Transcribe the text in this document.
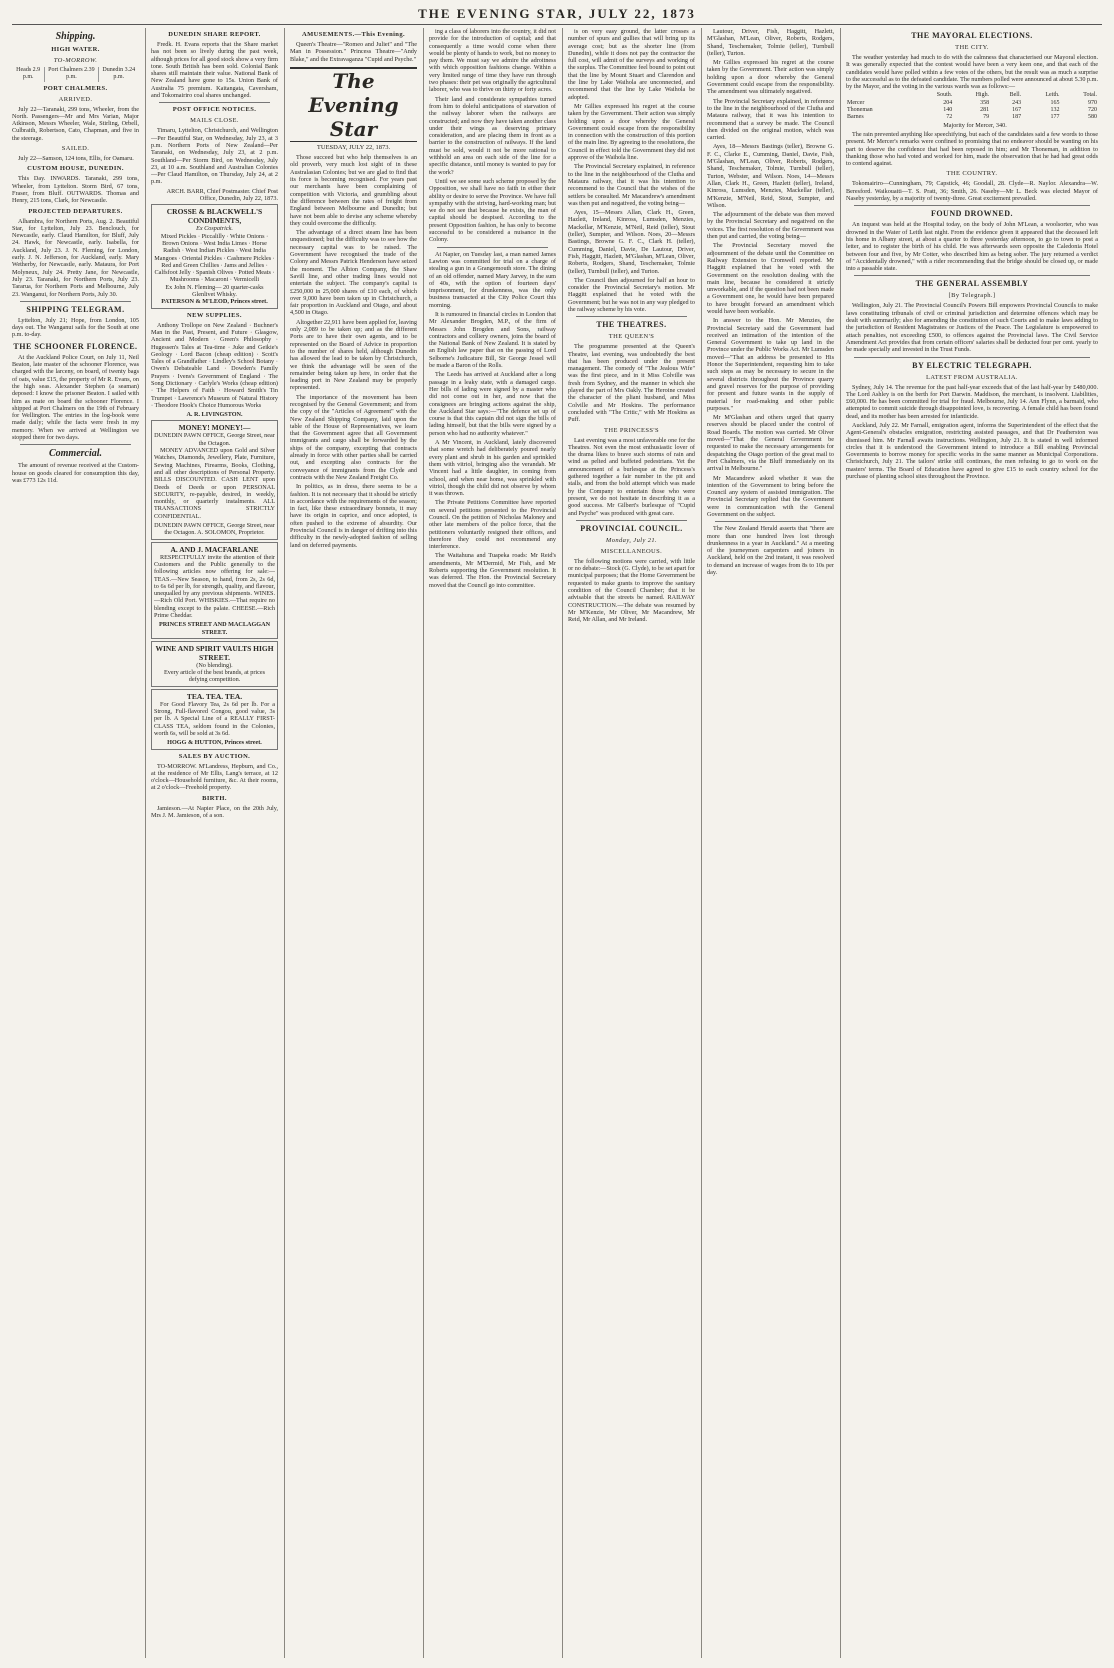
THE EVENING STAR, JULY 22, 1873
Shipping.
HIGH WATER.
TO-MORROW.
Heads 2.9 p.m.	Port Chalmers 2.39 p.m.	Dunedin 3.24 p.m.
PORT CHALMERS.
ARRIVED.

July 22—Taranaki, 299 tons, Wheeler, from the North. Passengers—Mr and Mrs Varian, Major Atkinson, Messrs Wheeler, Wale, Stirling, Orbell, Culbraith, Robertson, Cato, Chapman, and five in the steerage.

SAILED.

July 22—Samson, 124 tons, Ellis, for Oamaru.

CUSTOM HOUSE, DUNEDIN.

This Day. INWARDS. Taranaki, 299 tons, Wheeler, from Lyttelton. Storm Bird, 67 tons, Fraser, from Bluff. OUTWARDS. Thomas and Henry, 215 tons, Clark, for Newcastle.

PROJECTED DEPARTURES.

Alhambra, for Northern Ports, Aug. 2. Beautiful Star, for Lyttelton, July 23. Benclouch, for Newcastle, early. Claud Hamilton, for Bluff, July 24. Hawk, for Newcastle, early. Isabella, for Auckland, July 23. J. N. Fleming, for London, early. J. N. Jefferson, for Auckland, early. Mary Wetherby, for Newcastle, early. Mataura, for Port Molyneux, July 24. Pretty Jane, for Newcastle, July 23. Taranaki, for Northern Ports, July 23. Tararua, for Northern Ports and Melbourne, July 23. Wanganui, for Northern Ports, July 30.

SHIPPING TELEGRAM.

Lyttelton, July 21; Hope, from London, 105 days out. The Wanganui sails for the South at one p.m. to-day.

THE SCHOONER FLORENCE.

At the Auckland Police Court, on July 11, Neil Beaton, late master of the schooner Florence, was charged with the larceny, on board, of twenty bags of oats, value £15, the property of Mr R. Evans, on the high seas. Alexander Stephen (a seaman) deposed: I know the prisoner Beaton. I sailed with him as mate on board the schooner Florence. I shipped at Port Chalmers on the 19th of February for Wellington. The entries in the log-book were made daily; while the facts were fresh in my memory. When we arrived at Wellington we stopped there for two days.

Commercial.

The amount of revenue received at the Custom-house on goods cleared for consumption this day, was £773 12s 11d.

DUNEDIN SHARE REPORT.

Fredk. H. Evans reports that the Share market has not been so lively during the past week, although prices for all good stock show a very firm tone. South British has been sold. Colonial Bank shares still maintain their value. National Bank of New Zealand have gone to 15s. Union Bank of Australia 75 premium. Kaitangata, Caversham, and Tokomairiro coal shares unchanged.

POST OFFICE NOTICES.
MAILS CLOSE.

Timaru, Lyttelton, Christchurch, and Wellington—Per Beautiful Star, on Wednesday, July 23, at 3 p.m. Northern Ports of New Zealand—Per Taranaki, on Wednesday, July 23, at 2 p.m. Southland—Per Storm Bird, on Wednesday, July 23, at 10 a.m. Southland and Australian Colonies—Per Claud Hamilton, on Thursday, July 24, at 2 p.m.

ARCH. BARR, Chief Postmaster. Chief Post Office, Dunedin, July 22, 1873.

CROSSE & BLACKWELL'S CONDIMENTS,
Ex Cospatrick.
Mixed Pickles · Piccalilly · White Onions · Brown Onions · West India Limes · Horse Radish · West Indian Pickles · West India Mangoes · Oriental Pickles · Cashmere Pickles · Red and Green Chillies · Jams and Jellies · Calfsfoot Jelly · Spanish Olives · Potted Meats · Mushrooms · Macaroni · Vermicelli
Ex John N. Fleming— 20 quarter-casks Glenlivet Whisky.
PATERSON & M'LEOD, Princes street.
NEW SUPPLIES.

Anthony Trollope on New Zealand · Buchner's Man in the Past, Present, and Future · Glasgow, Ancient and Modern · Green's Philosophy · Hugessen's Tales at Tea-time · Juke and Geikie's Geology · Lord Bacon (cheap edition) · Scott's Tales of a Grandfather · Lindley's School Botany · Owen's Debateable Land · Dowden's Family Prayers · Ivens's Government of England · The Song Dictionary · Carlyle's Works (cheap edition) · The Helpers of Faith · Howard Smith's Tin Trumpet · Lawrence's Museum of Natural History · Theodore Hook's Choice Humorous Works

A. R. LIVINGSTON.
MONEY! MONEY!—
DUNEDIN PAWN OFFICE, George Street, near the Octagon.

MONEY ADVANCED upon Gold and Silver Watches, Diamonds, Jewellery, Plate, Furniture, Sewing Machines, Firearms, Books, Clothing, and all other descriptions of Personal Property. BILLS DISCOUNTED. CASH LENT upon Deeds of Deeds or upon PERSONAL SECURITY, re-payable, desired, in weekly, monthly, or quarterly instalments. ALL TRANSACTIONS STRICTLY CONFIDENTIAL.

DUNEDIN PAWN OFFICE, George Street, near the Octagon. A. SOLOMON, Proprietor.
A. AND J. MACFARLANE

RESPECTFULLY invite the attention of their Customers and the Public generally to the following articles now offering for sale:— TEAS.—New Season, to hand, from 2s, 2s 6d, to 6s 6d per lb, for strength, quality, and flavour, unequalled by any previous shipments. WINES.—Rich Old Port. WHISKIES.—That require no blending except to the palate. CHEESE.—Rich Prime Cheddar.

PRINCES STREET AND MACLAGGAN STREET.
WINE AND SPIRIT VAULTS HIGH STREET.
(No blending).
Every article of the best brands, at prices defying competition.
TEA. TEA. TEA.

For Good Flavory Tea, 2s 6d per lb. For a Strong, Full-flavored Congou, good value, 3s per lb. A Special Line of a REALLY FIRST-CLASS TEA, seldom found in the Colonies, worth 6s, will be sold at 3s 6d.

HOGG & HUTTON, Princes street.
SALES BY AUCTION.

TO-MORROW. M'Landress, Hepburn, and Co., at the residence of Mr Ellis, Lang's terrace, at 12 o'clock—Household furniture, &c. At their rooms, at 2 o'clock—Freehold property.

BIRTH.

Jamieson.—At Napier Place, on the 20th July, Mrs J. M. Jamieson, of a son.

AMUSEMENTS.—This Evening.

Queen's Theatre—"Romeo and Juliet" and "The Man in Possession." Princess Theatre—"Andy Blake," and the Extravaganza "Cupid and Psyche."

The Evening Star
TUESDAY, JULY 22, 1873.

Those succeed but who help themselves is an old proverb, very much lost sight of in these Australasian Colonies; but we are glad to find that its force is becoming recognised. For years past our merchants have been complaining of competition with Victoria, and grumbling about the difference between the rates of freight from England between Melbourne and Dunedin; but have not been able to devise any scheme whereby they could overcome the difficulty.

The advantage of a direct steam line has been unquestioned; but the difficulty was to see how the necessary capital was to be raised. The Government have recognised the trade of the Colony and Messrs Patrick Henderson have seized the moment. The Albion Company, the Shaw Savill line, and other trading lines would not entertain the subject. The company's capital is £250,000 in 25,000 shares of £10 each, of which over 9,000 have been taken up in Christchurch, a fair proportion in Auckland and Otago, and about 4,500 in Otago.

Altogether 22,911 have been applied for, leaving only 2,089 to be taken up; and as the different Ports are to have their own agents, and to be represented on the Board of Advice in proportion to the number of shares held, although Dunedin has allowed the lead to be taken by Christchurch, we think the advantage will be seen of the remainder being taken up here, in order that the leading port in New Zealand may be properly represented.

The importance of the movement has been recognised by the General Government; and from the copy of the "Articles of Agreement" with the New Zealand Shipping Company, laid upon the table of the House of Representatives, we learn that the Government agree that all Government immigrants and cargo shall be forwarded by the ships of the company, excepting that contracts already in force with other parties shall be carried out, and excepting also contracts for the conveyance of immigrants from the Clyde and contracts with the New Zealand Freight Co.

In politics, as in dress, there seems to be a fashion. It is not necessary that it should be strictly in accordance with the requirements of the season; in fact, like these extraordinary bonnets, it may have its origin in caprice, and once adopted, is often pushed to the extreme of absurdity. Our Provincial Council is in danger of drifting into this difficulty in the newly-adopted fashion of selling land on deferred payments.

ing a class of laborers into the country, it did not provide for the introduction of capital; and that consequently a time would come when there would be plenty of hands to work, but no money to pay them. We must say we admire the adroitness with which opposition fashions change. Within a very limited range of time they have run through two phases: their pet was originally the agricultural laborer, who was to thrive on thirty or forty acres.

Their land and considerate sympathies turned from him to doleful anticipations of starvation of the railway laborer when the railways are constructed; and now they have taken another class under their wings as deserving primary consideration, and are placing them in front as a barrier to the construction of railways. If the land must be sold, would it not be more rational to withhold an area on each side of the line for a specific distance, until money is wanted to pay for the work?

Until we see some such scheme proposed by the Opposition, we shall have no faith in either their ability or desire to serve the Province. We have full sympathy with the striving, hard-working man; but we do not see that because he exists, the man of capital should be despised. According to the present Opposition fashion, he has only to become successful to be considered a nuisance in the Colony.

At Napier, on Tuesday last, a man named James Lawton was committed for trial on a charge of stealing a gun in a Grangemouth store. The dining of an old offender, named Mary Jarvey, in the sum of 40s, with the option of fourteen days' imprisonment, for drunkenness, was the only business transacted at the City Police Court this morning.

It is rumoured in financial circles in London that Mr Alexander Brogden, M.P., of the firm of Messrs John Brogden and Sons, railway contractors and colliery owners, joins the board of the National Bank of New Zealand. It is stated by an English law paper that on the passing of Lord Selborne's Judicature Bill, Sir George Jessel will be made a Baron of the Rolls.

The Leeds has arrived at Auckland after a long passage in a leaky state, with a damaged cargo. Her bills of lading were signed by a master who did not come out in her, and now that the consignees are bringing actions against the ship, the Auckland Star says:—"The defence set up of course is that this captain did not sign the bills of lading himself, but that the bills were signed by a person who had no authority whatever."

A Mr Vincent, in Auckland, lately discovered that some wretch had deliberately poured nearly every plant and shrub in his garden and sprinkled them with vitriol, bringing also the verandah. Mr Vincent had a little daughter, in coming from school, and when near home, was sprinkled with vitriol, though the child did not observe by whom it was thrown.

The Private Petitions Committee have reported on several petitions presented to the Provincial Council. On the petition of Nicholas Maloney and other late members of the police force, that the petitioners voluntarily resigned their offices, and therefore they could not recommend any interference.

The Waitahuna and Tuapeka roads: Mr Reid's amendments, Mr M'Dermid, Mr Fish, and Mr Roberts supporting the Government resolution. It was deferred. The Hon. the Provincial Secretary moved that the Council go into committee.

is on very easy ground, the latter crosses a number of spurs and gullies that will bring up its average cost; but as the shorter line (from Dunedin), while it does not pay the contractor the full cost, will admit of the surveys and working of the surplus. The Committee feel bound to point out that the line by Mount Stuart and Clarendon and the line by Lake Waihola are unconnected, and recommend that the line by Lake Waihola be adopted.

Mr Gillies expressed his regret at the course taken by the Government. Their action was simply holding upon a door whereby the General Government could escape from the responsibility in connection with the construction of this portion of the main line. By agreeing to the resolutions, the Council in effect told the Government they did not approve of the Waihola line.

The Provincial Secretary explained, in reference to the line in the neighbourhood of the Clutha and Mataura railway, that it was his intention to recommend to the Council that the wishes of the settlers be consulted. Mr Macandrew's amendment was then put and negatived, the voting being—

Ayes, 15—Messrs Allan, Clark H., Green, Hazlett, Ireland, Kinross, Lumsden, Menzies, Mackellar, M'Kenzie, M'Neil, Reid (teller), Stout (teller), Sumpter, and Wilson. Noes, 20—Messrs Bastings, Browne G. F. C., Clark H. (teller), Cumming, Daniel, Davie, De Lautour, Driver, Fish, Haggitt, Hazlett, M'Glashan, M'Lean, Oliver, Roberts, Rodgers, Shand, Teschemaker, Tolmie (teller), Turnbull (teller), and Turton.

The Council then adjourned for half an hour to consider the Provincial Secretary's motion. Mr Haggitt explained that he voted with the Government; but he was not in any way pledged to the railway scheme by his vote.

THE THEATRES.
THE QUEEN'S

The programme presented at the Queen's Theatre, last evening, was undoubtedly the best that has been produced under the present management. The comedy of "The Jealous Wife" was the first piece, and in it Miss Colville was fresh from Sydney, and the manner in which she played the part of Mrs Oakly. The Heroine created the character of the pliant husband, and Miss Colville and Mr Hoskins. The performance concluded with "The Critic," with Mr Hoskins as Puff.

THE PRINCESS'S

Last evening was a most unfavorable one for the Theatres. Not even the most enthusiastic lover of the drama likes to brave such storms of rain and wind as pelted and buffeted pedestrians. Yet the announcement of a burlesque at the Princess's gathered together a fair number in the pit and stalls, and from the bold attempt which was made by the Company to entertain those who were present, we do not hesitate in describing it as a good success. Mr Gilbert's burlesque of "Cupid and Psyche" was produced with great care.

PROVINCIAL COUNCIL.
Monday, July 21.
MISCELLANEOUS.

The following motions were carried, with little or no debate:—Stock (G. Clyde), to be set apart for municipal purposes; that the Home Government be requested to make grants to improve the sanitary condition of the Council Chamber; that it be advisable that the streets be named. RAILWAY CONSTRUCTION.—The debate was resumed by Mr M'Kenzie, Mr Oliver, Mr Macandrew, Mr Reid, Mr Allan, and Mr Ireland.

Lautour, Driver, Fish, Haggitt, Hazlett, M'Glashan, M'Lean, Oliver, Roberts, Rodgers, Shand, Teschemaker, Tolmie (teller), Turnbull (teller), Turton.

Mr Gillies expressed his regret at the course taken by the Government. Their action was simply holding upon a door whereby the General Government could escape from the responsibility. The amendment was ultimately negatived.

The Provincial Secretary explained, in reference to the line in the neighbourhood of the Clutha and Mataura railway, that it was his intention to recommend that a survey be made. The Council then divided on the original motion, which was carried.

Ayes, 18—Messrs Bastings (teller), Browne G. F. C., Clarke E., Cumming, Daniel, Davie, Fish, M'Glashan, M'Lean, Oliver, Roberts, Rodgers, Shand, Teschemaker, Tolmie, Turnbull (teller), Turton, Webster, and Wilson. Noes, 14—Messrs Allan, Clark H., Green, Hazlett (teller), Ireland, Kinross, Lumsden, Menzies, Mackellar (teller), M'Kenzie, M'Neil, Reid, Stout, Sumpter, and Wilson.

The adjournment of the debate was then moved by the Provincial Secretary and negatived on the voices. The first resolution of the Government was then put and carried, the voting being—

The Provincial Secretary moved the adjournment of the debate until the Committee on Railway Extension to Cromwell reported. Mr Haggitt explained that he voted with the Government on the resolution dealing with the main line, because he considered it strictly unworkable, and if the question had not been made a Government one, he would have been prepared to have brought forward an amendment which would have been workable.

In answer to the Hon. Mr Menzies, the Provincial Secretary said the Government had received an intimation of the intention of the General Government to take up land in the Province under the Public Works Act. Mr Lumsden moved—"That an address be presented to His Honor the Superintendent, requesting him to take such steps as may be necessary to secure in the several districts throughout the Province quarry and gravel reserves for the purpose of providing for present and future wants in the supply of material for road-making and other public purposes."

Mr M'Glashan and others urged that quarry reserves should be placed under the control of Road Boards. The motion was carried. Mr Oliver moved—"That the General Government be requested to make the necessary arrangements for despatching the Otago portion of the great mail to Port Chalmers, via the Bluff immediately on its arrival in Melbourne."

Mr Macandrew asked whether it was the intention of the Government to bring before the Council any system of assisted immigration. The Provincial Secretary replied that the Government were in communication with the General Government on the subject.

The New Zealand Herald asserts that "there are more than one hundred lives lost through drunkenness in a year in Auckland." At a meeting of the journeymen carpenters and joiners in Auckland, held on the 2nd instant, it was resolved to demand an increase of wages from 8s to 10s per day.

THE MAYORAL ELECTIONS.
THE CITY.

The weather yesterday had much to do with the calmness that characterised our Mayoral election. It was generally expected that the contest would have been a very keen one, and that each of the candidates would have polled within a few votes of the others, but the result was as much a surprise to the successful as to the defeated candidate. The numbers polled were announced at about 5.30 p.m. by the Mayor, and the voting in the various wards was as follows:—

	South.	High.	Bell.	Leith.	Total.
Mercer	204	358	243	165	970
Thoneman	140	281	167	132	720
Barnes	72	79	187	177	580

Majority for Mercer, 340.

The rain prevented anything like speechifying, but each of the candidates said a few words to those present. Mr Mercer's remarks were confined to promising that no endeavor should be wanting on his part to deserve the confidence that had been reposed in him; and Mr Thoneman, in addition to thanking those who had voted and worked for him, made the observation that he had had great odds to contend against.

THE COUNTRY.

Tokomairiro—Cunningham, 79; Capstick, 46; Goodall, 28. Clyde—R. Naylor. Alexandra—W. Beresford. Waikouaiti—T. S. Pratt, 36; Smith, 26. Naseby—Mr L. Beck was elected Mayor of Naseby yesterday, by a majority of twenty-three. Great excitement prevailed.

FOUND DROWNED.

An inquest was held at the Hospital today, on the body of John M'Lean, a woolsorter, who was drowned in the Water of Leith last night. From the evidence given it appeared that the deceased left his home in Albany street, at about a quarter to three yesterday afternoon, to go to town to post a letter, and to register the birth of his child. He was afterwards seen opposite the Caledonia Hotel between four and five, by Mr Cotter, who described him as being sober. The jury returned a verdict of "Accidentally drowned," with a rider recommending that the bridge should be closed up, or made into a passable state.

THE GENERAL ASSEMBLY
[By Telegraph.]

Wellington, July 21. The Provincial Council's Powers Bill empowers Provincial Councils to make laws constituting tribunals of civil or criminal jurisdiction and determine offences which may be dealt with summarily; also for amending the constitution of such Courts and to make laws adding to the jurisdiction of Resident Magistrates or Justices of the Peace. The Legislature is empowered to attach penalties, not exceeding £500, to offences against the Provincial laws. The Civil Service Amendment Act provides that from certain officers' salaries shall be deducted four per cent. yearly to be made specially and invested in the Trust Funds.

BY ELECTRIC TELEGRAPH.
LATEST FROM AUSTRALIA.

Sydney, July 14. The revenue for the past half-year exceeds that of the last half-year by £480,000. The Lord Ashley is on the berth for Port Darwin. Maddison, the merchant, is insolvent. Liabilities, £60,000. He has been committed for trial for fraud. Melbourne, July 14. Ann Flynn, a barmaid, who attempted to commit suicide through disappointed love, is recovering. A female child has been found dead, and its mother has been arrested for infanticide.

Auckland, July 22. Mr Farnall, emigration agent, informs the Superintendent of the effect that the Agent-General's obstacles emigration, restricting assisted passages, and that Dr Featherston was dismissed him. Mr Farnall awaits instructions. Wellington, July 21. It is stated in well informed circles that it is understood the Government intend to introduce a Bill enabling Provincial Governments to borrow money for specific works in the same manner as Municipal Corporations. Christchurch, July 21. The tailors' strike still continues, the men refusing to go to work on the masters' terms. The Board of Education have agreed to give £15 to each country school for the purchase of planting school sites throughout the Province.
